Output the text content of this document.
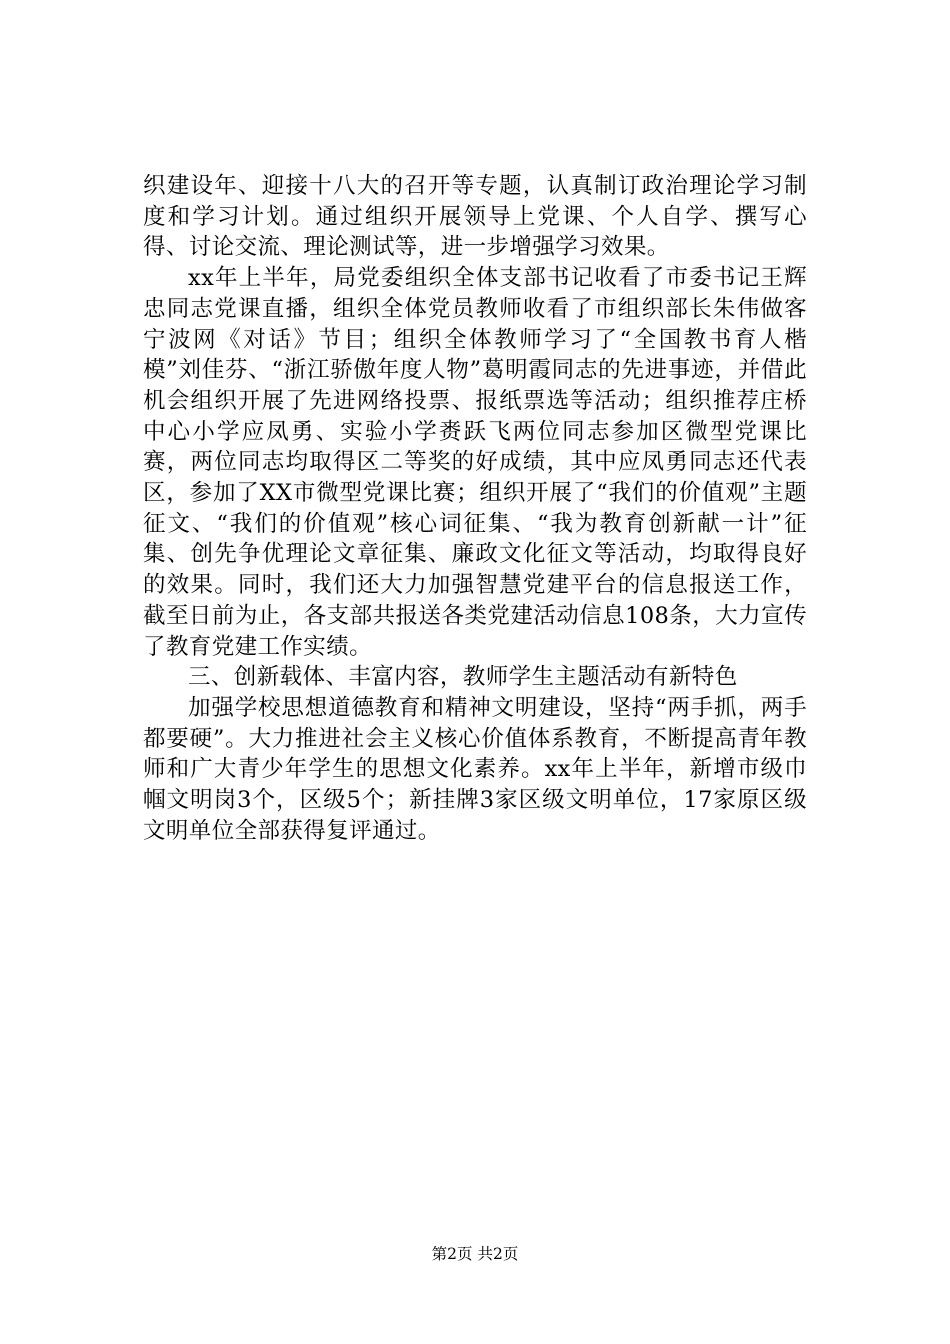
织建设年、迎接十八大的召开等专题，认真制订政治理论学习制度和学习计划。通过组织开展领导上党课、个人自学、撰写心得、讨论交流、理论测试等，进一步增强学习效果。

xx年上半年，局党委组织全体支部书记收看了市委书记王辉忠同志党课直播，组织全体党员教师收看了市组织部长朱伟做客宁波网《对话》节目；组织全体教师学习了“全国教书育人楷模”刘佳芬、“浙江骄傲年度人物”葛明霞同志的先进事迹，并借此机会组织开展了先进网络投票、报纸票选等活动；组织推荐庄桥中心小学应凤勇、实验小学赉跃飞两位同志参加区微型党课比赛，两位同志均取得区二等奖的好成绩，其中应凤勇同志还代表区，参加了XX市微型党课比赛；组织开展了“我们的价值观”主题征文、“我们的价值观”核心词征集、“我为教育创新献一计”征集、创先争优理论文章征集、廉政文化征文等活动，均取得良好的效果。同时，我们还大力加强智慧党建平台的信息报送工作，截至日前为止，各支部共报送各类党建活动信息108条，大力宣传了教育党建工作实绩。

三、创新载体、丰富内容，教师学生主题活动有新特色

加强学校思想道德教育和精神文明建设，坚持“两手抓，两手都要硬”。大力推进社会主义核心价值体系教育，不断提高青年教师和广大青少年学生的思想文化素养。xx年上半年，新增市级巾帼文明岗3个，区级5个；新挂牌3家区级文明单位，17家原区级文明单位全部获得复评通过。

第2页 共2页
